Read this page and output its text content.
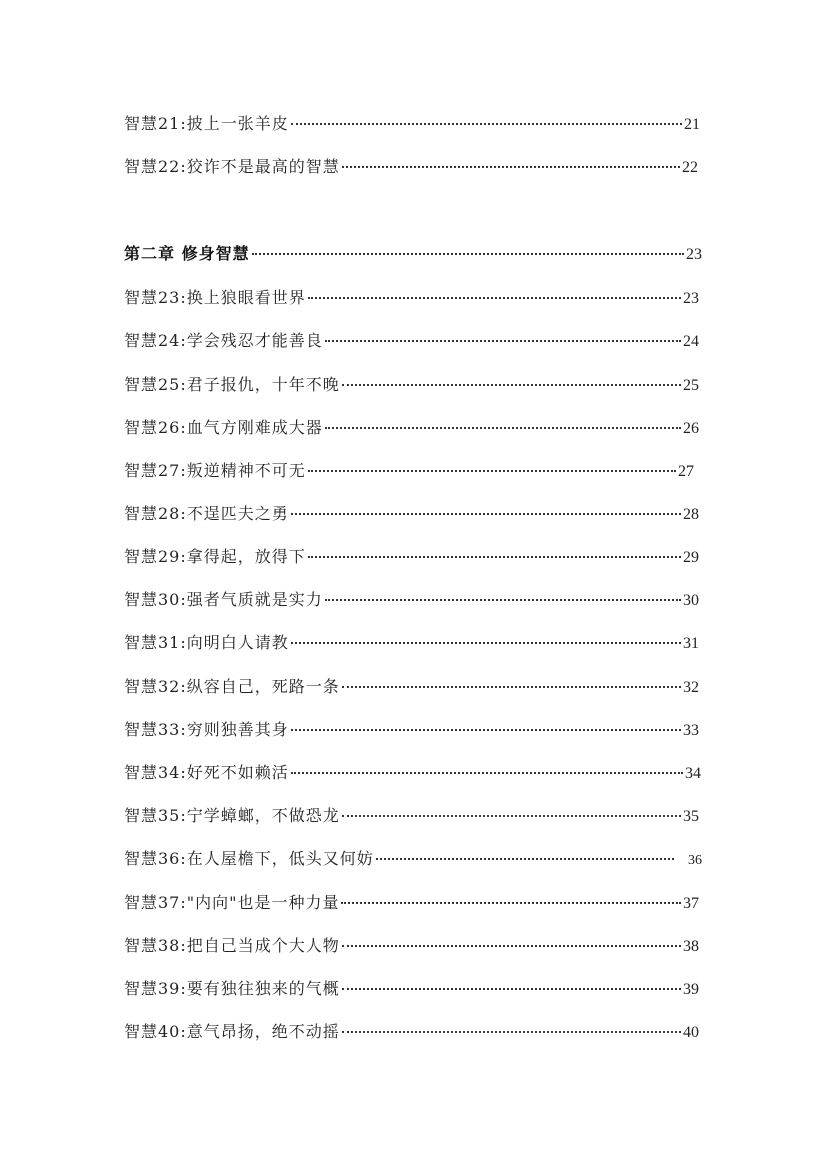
智慧21:披上一张羊皮	21
智慧22:狡诈不是最高的智慧	22
第二章 修身智慧	23
智慧23:换上狼眼看世界	23
智慧24:学会残忍才能善良	24
智慧25:君子报仇，十年不晚	25
智慧26:血气方刚难成大器	26
智慧27:叛逆精神不可无	27
智慧28:不逞匹夫之勇	28
智慧29:拿得起，放得下	29
智慧30:强者气质就是实力	30
智慧31:向明白人请教	31
智慧32:纵容自己，死路一条	32
智慧33:穷则独善其身	33
智慧34:好死不如赖活	34
智慧35:宁学蟑螂，不做恐龙	35
智慧36:在人屋檐下，低头又何妨	36
智慧37:"内向"也是一种力量	37
智慧38:把自己当成个大人物	38
智慧39:要有独往独来的气概	39
智慧40:意气昂扬，绝不动摇	40
